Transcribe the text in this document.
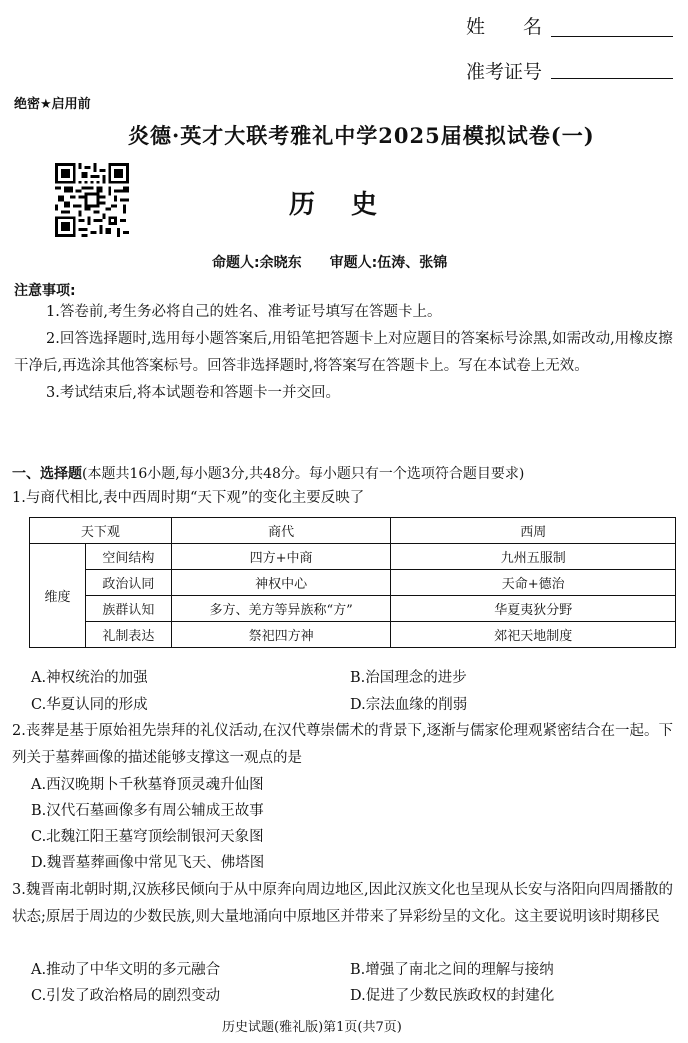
姓　　名
准考证号
绝密★启用前
炎德·英才大联考雅礼中学2025届模拟试卷(一)
历史
命题人:余晓东　　审题人:伍涛、张锦
注意事项:

1.答卷前,考生务必将自己的姓名、准考证号填写在答题卡上。

2.回答选择题时,选用每小题答案后,用铅笔把答题卡上对应题目的答案标号涂黑,如需改动,用橡皮擦干净后,再选涂其他答案标号。回答非选择题时,将答案写在答题卡上。写在本试卷上无效。

3.考试结束后,将本试题卷和答题卡一并交回。

一、选择题(本题共16小题,每小题3分,共48分。每小题只有一个选项符合题目要求)

1.与商代相比,表中西周时期“天下观”的变化主要反映了

天下观		商代	西周
维度	空间结构	四方+中商	九州五服制
	政治认同	神权中心	天命+德治
	族群认知	多方、羌方等异族称“方”	华夏夷狄分野
	礼制表达	祭祀四方神	郊祀天地制度
A.神权统治的加强	B.治国理念的进步
C.华夏认同的形成	D.宗法血缘的削弱

2.丧葬是基于原始祖先崇拜的礼仪活动,在汉代尊崇儒术的背景下,逐渐与儒家伦理观紧密结合在一起。下列关于墓葬画像的描述能够支撑这一观点的是

A.西汉晚期卜千秋墓脊顶灵魂升仙图
B.汉代石墓画像多有周公辅成王故事
C.北魏江阳王墓穹顶绘制银河天象图
D.魏晋墓葬画像中常见飞天、佛塔图

3.魏晋南北朝时期,汉族移民倾向于从中原奔向周边地区,因此汉族文化也呈现从长安与洛阳向四周播散的状态;原居于周边的少数民族,则大量地涌向中原地区并带来了异彩纷呈的文化。这主要说明该时期移民

A.推动了中华文明的多元融合	B.增强了南北之间的理解与接纳
C.引发了政治格局的剧烈变动	D.促进了少数民族政权的封建化
历史试题(雅礼版)第1页(共7页)
